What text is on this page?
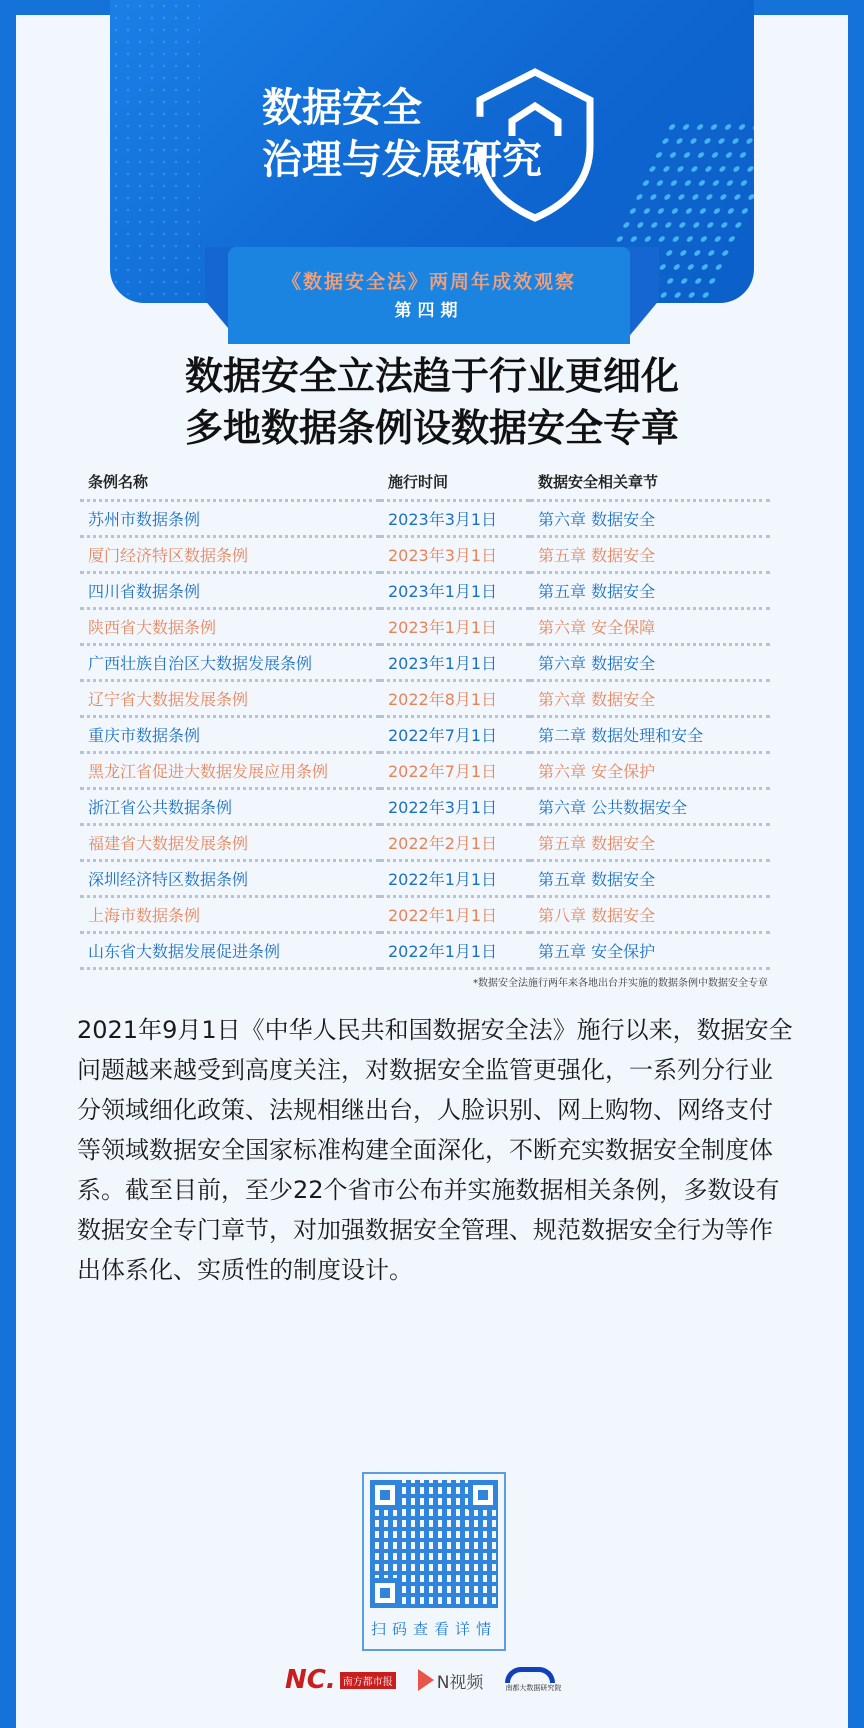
数据安全
治理与发展研究
《数据安全法》两周年成效观察
第四期
数据安全立法趋于行业更细化
多地数据条例设数据安全专章
条例名称	施行时间	数据安全相关章节
苏州市数据条例	2023年3月1日	第六章 数据安全
厦门经济特区数据条例	2023年3月1日	第五章 数据安全
四川省数据条例	2023年1月1日	第五章 数据安全
陕西省大数据条例	2023年1月1日	第六章 安全保障
广西壮族自治区大数据发展条例	2023年1月1日	第六章 数据安全
辽宁省大数据发展条例	2022年8月1日	第六章 数据安全
重庆市数据条例	2022年7月1日	第二章 数据处理和安全
黑龙江省促进大数据发展应用条例	2022年7月1日	第六章 安全保护
浙江省公共数据条例	2022年3月1日	第六章 公共数据安全
福建省大数据发展条例	2022年2月1日	第五章 数据安全
深圳经济特区数据条例	2022年1月1日	第五章 数据安全
上海市数据条例	2022年1月1日	第八章 数据安全
山东省大数据发展促进条例	2022年1月1日	第五章 安全保护
*数据安全法施行两年来各地出台并实施的数据条例中数据安全专章
2021年9月1日《中华人民共和国数据安全法》施行以来，数据安全问题越来越受到高度关注，对数据安全监管更强化，一系列分行业分领域细化政策、法规相继出台，人脸识别、网上购物、网络支付等领域数据安全国家标准构建全面深化，不断充实数据安全制度体系。截至目前，至少22个省市公布并实施数据相关条例，多数设有数据安全专门章节，对加强数据安全管理、规范数据安全行为等作出体系化、实质性的制度设计。
扫码查看详情
NC. 南方都市报	N视频	南都大数据研究院
